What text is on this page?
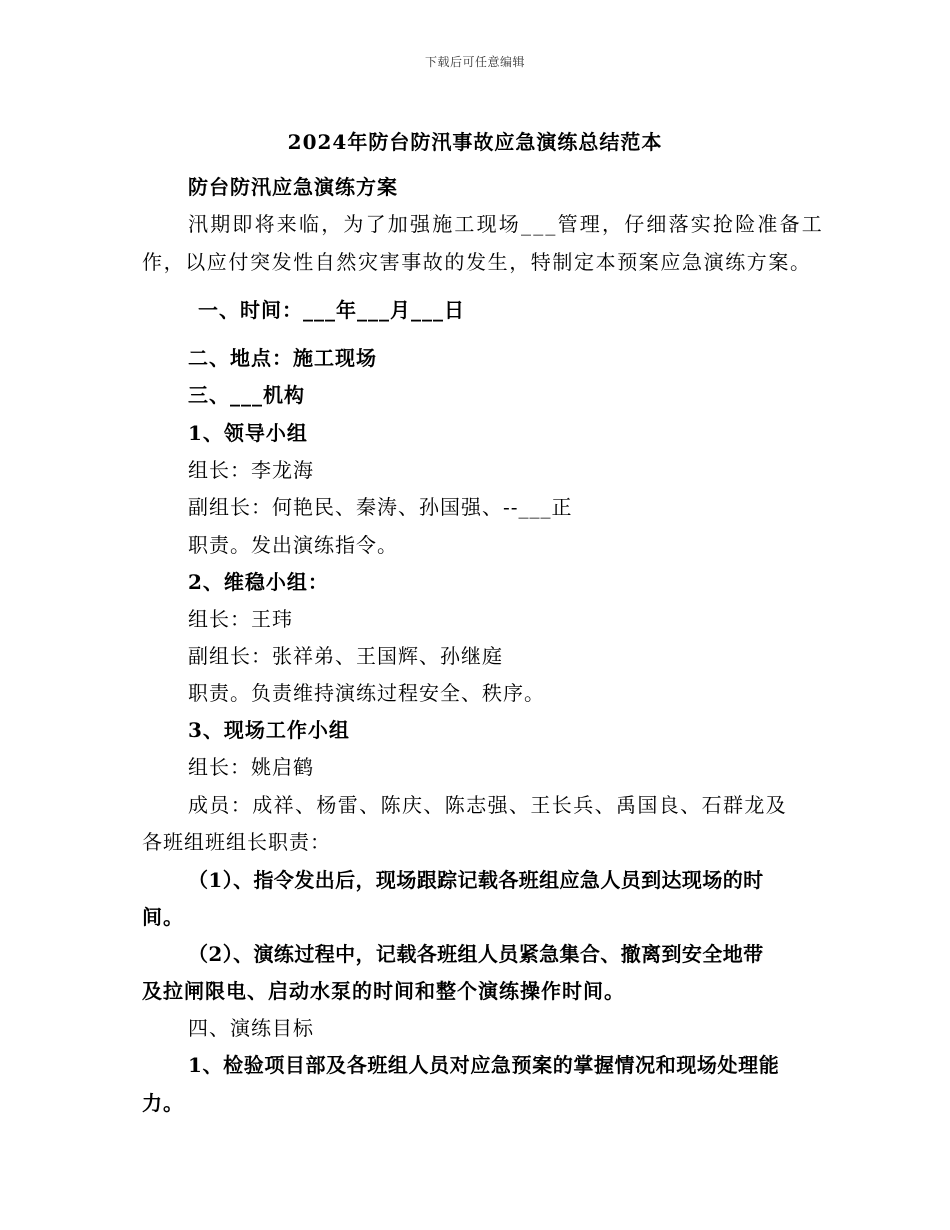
下载后可任意编辑
2024年防台防汛事故应急演练总结范本
防台防汛应急演练方案
汛期即将来临，为了加强施工现场___管理，仔细落实抢险准备工
作，以应付突发性自然灾害事故的发生，特制定本预案应急演练方案。
一、时间：___年___月___日
二、地点：施工现场
三、___机构
1、领导小组
组长：李龙海
副组长：何艳民、秦涛、孙国强、--___正
职责。发出演练指令。
2、维稳小组：
组长：王玮
副组长：张祥弟、王国辉、孙继庭
职责。负责维持演练过程安全、秩序。
3、现场工作小组
组长：姚启鹤
成员：成祥、杨雷、陈庆、陈志强、王长兵、禹国良、石群龙及
各班组班组长职责：
（1）、指令发出后，现场跟踪记载各班组应急人员到达现场的时
间。
（2）、演练过程中，记载各班组人员紧急集合、撤离到安全地带
及拉闸限电、启动水泵的时间和整个演练操作时间。
四、演练目标
1、检验项目部及各班组人员对应急预案的掌握情况和现场处理能
力。
